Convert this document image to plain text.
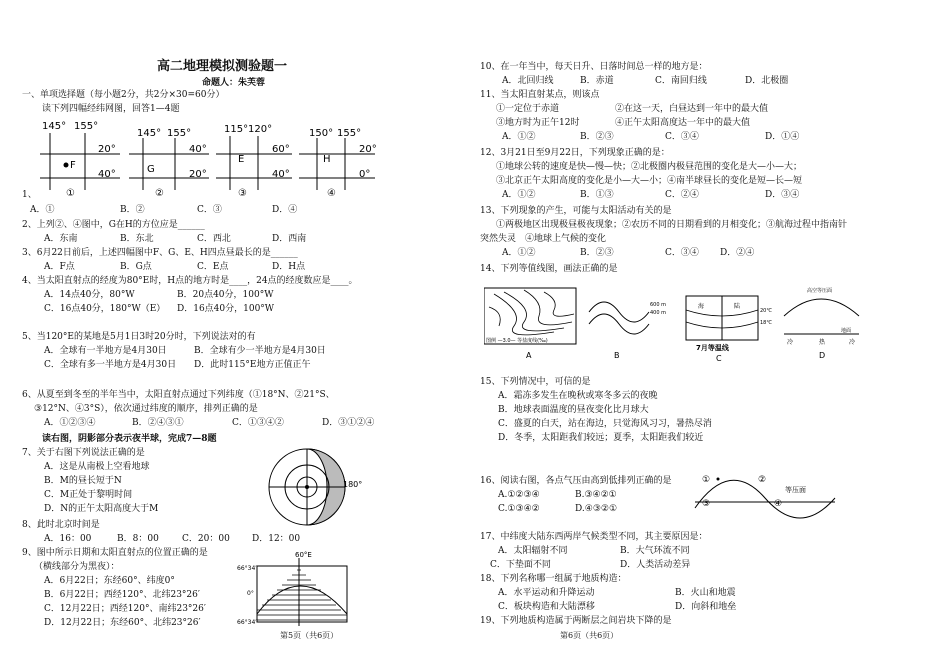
高二地理模拟测验题一
命题人：朱芙蓉
一、单项选择题（每小题2分，共2分×30=60分）
读下列四幅经纬网图，回答1—4题
145° 155°
20°
40°
F
①
145° 155°
40°
20°
G
②
115° 120°
60°
40°
E
③
150° 155°
20°
0°
H
④
1、
A．①	B．②	C．③	D．④
2、上列②、④图中，G在H的方位应是______
A．东南	B．东北	C．西北	D．西南
3、6月22日前后，上述四幅图中F、G、E、H四点昼最长的是______
A．F点	B．G点	C．E点	D．H点
4、当太阳直射点的经度为80°E时，H点的地方时是____，24点的经度数应是____。
A．14点40分，80°W	B．20点40分，100°W
C．16点40分，180°W（E） D．16点40分，100°W
5、当120°E的某地是5月1日3时20分时，下列说法对的有
A．全球有一半地方是4月30日	B．全球有少一半地方是4月30日
C．全球有多一半地方是4月30日 D．此时115°E地方正值正午
6、从夏至到冬至的半年当中，太阳直射点通过下列纬度（①18°N、②21°S、
③12°N、④3°S），依次通过纬度的顺序，排列正确的是
A．①②③④	B．②④③①	C．①③④②	D．③①②④
读右图，阴影部分表示夜半球，完成7—8题
7、关于右图下列说法正确的是
A．这是从南极上空看地球
B．M的昼长短于N
C．M正处于黎明时间
D．N的正午太阳高度大于M
180°
8、此时北京时间是
A．16：00	B．8：00	C．20：00 D．12：00
9、图中所示日期和太阳直射点的位置正确的是
（横线部分为黑夜）：
A．6月22日；东经60°、纬度0°
B．6月22日；西经120°、北纬23°26′
C．12月22日；西经120°、南纬23°26′
D．12月22日；东经60°、北纬23°26′
60°E
66°34′
0°
66°34′
10、在一年当中，每天日升、日落时间总一样的地方是：
A．北回归线	B．赤道	C．南回归线	D．北极圈
11、当太阳直射某点，则该点
①一定位于赤道	②在这一天，白昼达到一年中的最大值
③地方时为正午12时	④正午太阳高度达一年中的最大值
A．①②	B．②③	C．③④	D．①④
12、3月21日至9月22日，下列现象正确的是：
①地球公转的速度是快—慢—快；②北极圈内极昼范围的变化是大—小—大；
③北京正午太阳高度的变化是小—大—小；④南半球昼长的变化是短—长—短
A．①②	B．①③	C．②④	D．③④
13、下列现象的产生，可能与太阳活动有关的是
①两极地区出现极昼极夜现象；②农历不同的日期看到的月相变化；③航海过程中指南针
突然失灵　④地球上气候的变化
A．①②	B．②③	C．③④ D．②④
14、下列等值线图，画法正确的是
图例 —3.0— 等盐度线(‰)
A
600 m
400 m
B
海	陆
20℃
18℃
7月等温线
C
高空等压面
地面
冷	热	冷
D
15、下列情况中，可信的是
A．霜冻多发生在晚秋或寒冬多云的夜晚
B．地球表面温度的昼夜变化比月球大
C．盛夏的白天，站在海边，只觉海风习习，暑热尽消
D．冬季，太阳距我们较远；夏季，太阳距我们较近
16、阅读右图，各点气压由高到低排列正确的是
A.①②③④	B.③④②①
C.①③④②	D.④③②①
①	②
③	④
等压面
17、中纬度大陆东西两岸气候类型不同，其主要原因是：
A．太阳辐射不同	B．大气环流不同
C．下垫面不同	D．人类活动差异
18、下列名称哪一组属于地质构造：
A．水平运动和升降运动	B．火山和地震
C．板块构造和大陆漂移	D．向斜和地垒
19、下列地质构造属于两断层之间岩块下降的是
第5页（共6页）	第6页（共6页）
